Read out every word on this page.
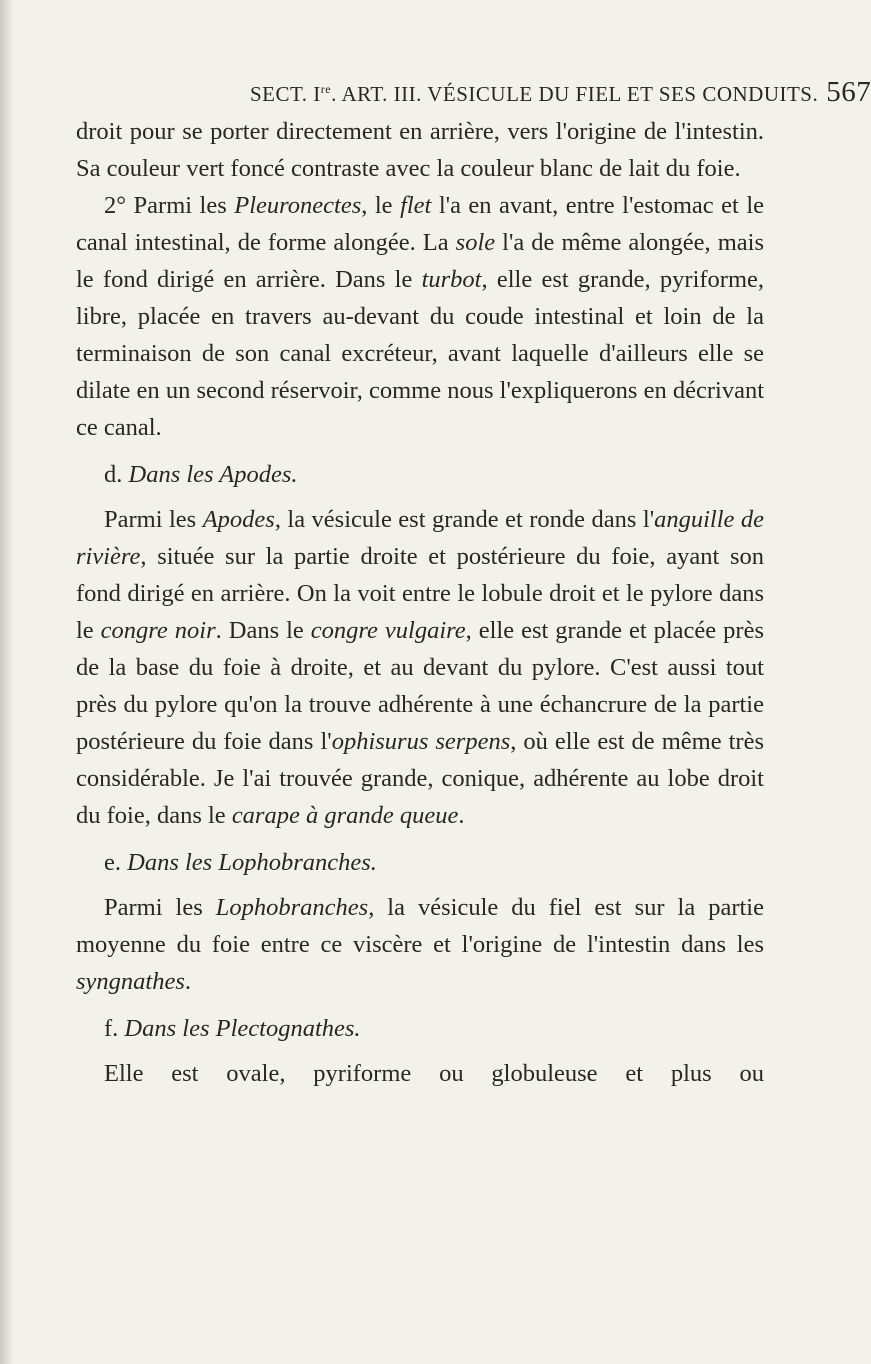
SECT. Ire. ART. III. VÉSICULE DU FIEL ET SES CONDUITS. 567

droit pour se porter directement en arrière, vers l'origine de l'intestin. Sa couleur vert foncé contraste avec la couleur blanc de lait du foie.

2° Parmi les Pleuronectes, le flet l'a en avant, entre l'estomac et le canal intestinal, de forme alongée. La sole l'a de même alongée, mais le fond dirigé en arrière. Dans le turbot, elle est grande, pyriforme, libre, placée en travers au-devant du coude intestinal et loin de la terminaison de son canal excréteur, avant laquelle d'ailleurs elle se dilate en un second réservoir, comme nous l'expliquerons en décrivant ce canal.

d. Dans les Apodes.

Parmi les Apodes, la vésicule est grande et ronde dans l'anguille de rivière, située sur la partie droite et postérieure du foie, ayant son fond dirigé en arrière. On la voit entre le lobule droit et le pylore dans le congre noir. Dans le congre vulgaire, elle est grande et placée près de la base du foie à droite, et au devant du pylore. C'est aussi tout près du pylore qu'on la trouve adhérente à une échancrure de la partie postérieure du foie dans l'ophisurus serpens, où elle est de même très considérable. Je l'ai trouvée grande, conique, adhérente au lobe droit du foie, dans le carape à grande queue.

e. Dans les Lophobranches.

Parmi les Lophobranches, la vésicule du fiel est sur la partie moyenne du foie entre ce viscère et l'origine de l'intestin dans les syngnathes.

f. Dans les Plectognathes.

Elle est ovale, pyriforme ou globuleuse et plus ou
